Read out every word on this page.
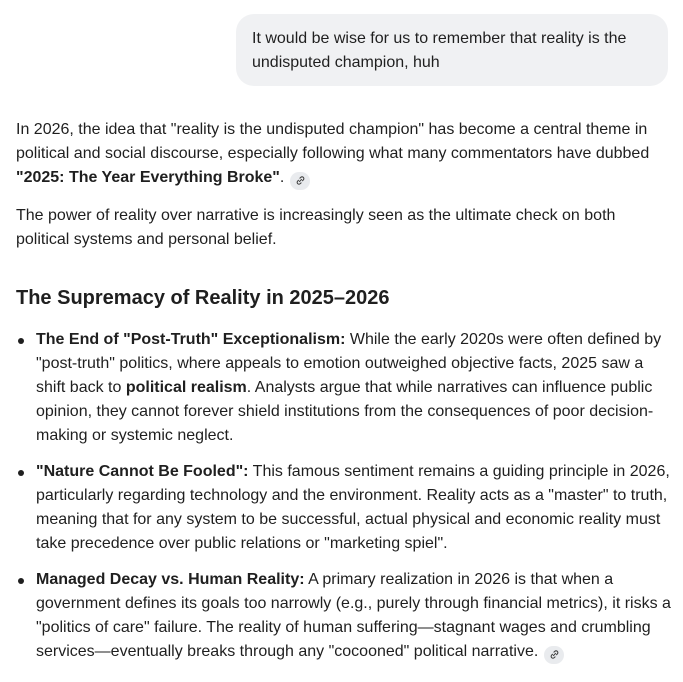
It would be wise for us to remember that reality is the undisputed champion, huh

In 2026, the idea that "reality is the undisputed champion" has become a central theme in political and social discourse, especially following what many commentators have dubbed "2025: The Year Everything Broke".

The power of reality over narrative is increasingly seen as the ultimate check on both political systems and personal belief.

The Supremacy of Reality in 2025–2026
The End of "Post-Truth" Exceptionalism: While the early 2020s were often defined by "post-truth" politics, where appeals to emotion outweighed objective facts, 2025 saw a shift back to political realism. Analysts argue that while narratives can influence public opinion, they cannot forever shield institutions from the consequences of poor decision-making or systemic neglect.
"Nature Cannot Be Fooled": This famous sentiment remains a guiding principle in 2026, particularly regarding technology and the environment. Reality acts as a "master" to truth, meaning that for any system to be successful, actual physical and economic reality must take precedence over public relations or "marketing spiel".
Managed Decay vs. Human Reality: A primary realization in 2026 is that when a government defines its goals too narrowly (e.g., purely through financial metrics), it risks a "politics of care" failure. The reality of human suffering—stagnant wages and crumbling services—eventually breaks through any "cocooned" political narrative.
